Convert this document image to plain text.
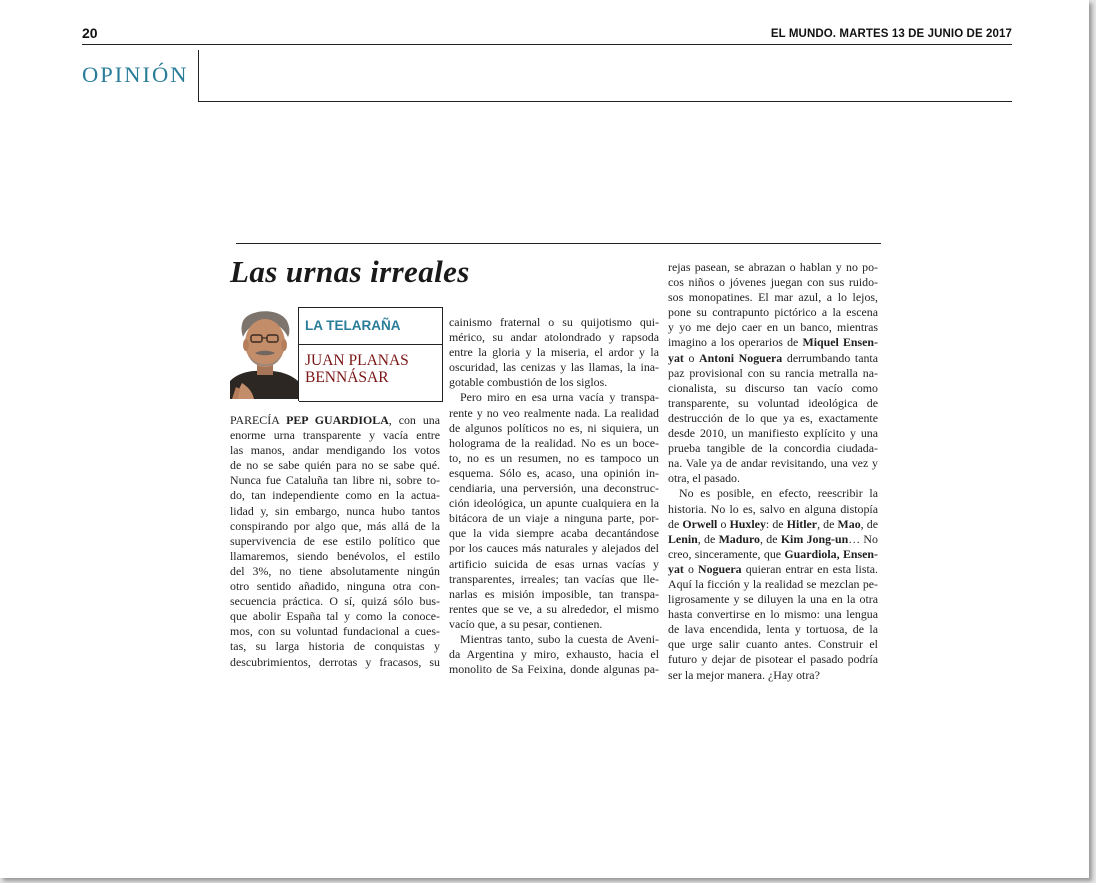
20	EL MUNDO. MARTES 13 DE JUNIO DE 2017

OPINIÓN

Las urnas irreales

LA TELARAÑA

JUAN PLANAS
BENNÁSAR

PARECÍA PEP GUARDIOLA, con una
enorme urna transparente y vacía entre
las manos, andar mendigando los votos
de no se sabe quién para no se sabe qué.
Nunca fue Cataluña tan libre ni, sobre to-
do, tan independiente como en la actua-
lidad y, sin embargo, nunca hubo tantos
conspirando por algo que, más allá de la
supervivencia de ese estilo político que
llamaremos, siendo benévolos, el estilo
del 3%, no tiene absolutamente ningún
otro sentido añadido, ninguna otra con-
secuencia práctica. O sí, quizá sólo bus-
que abolir España tal y como la conoce-
mos, con su voluntad fundacional a cues-
tas, su larga historia de conquistas y
descubrimientos, derrotas y fracasos, su
cainismo fraternal o su quijotismo qui-
mérico, su andar atolondrado y rapsoda
entre la gloria y la miseria, el ardor y la
oscuridad, las cenizas y las llamas, la ina-
gotable combustión de los siglos.
Pero miro en esa urna vacía y transpa-
rente y no veo realmente nada. La realidad
de algunos políticos no es, ni siquiera, un
holograma de la realidad. No es un boce-
to, no es un resumen, no es tampoco un
esquema. Sólo es, acaso, una opinión in-
cendiaria, una perversión, una deconstruc-
ción ideológica, un apunte cualquiera en la
bitácora de un viaje a ninguna parte, por-
que la vida siempre acaba decantándose
por los cauces más naturales y alejados del
artificio suicida de esas urnas vacías y
transparentes, irreales; tan vacías que lle-
narlas es misión imposible, tan transpa-
rentes que se ve, a su alrededor, el mismo
vacío que, a su pesar, contienen.
Mientras tanto, subo la cuesta de Aveni-
da Argentina y miro, exhausto, hacia el
monolito de Sa Feixina, donde algunas pa-
rejas pasean, se abrazan o hablan y no po-
cos niños o jóvenes juegan con sus ruido-
sos monopatines. El mar azul, a lo lejos,
pone su contrapunto pictórico a la escena
y yo me dejo caer en un banco, mientras
imagino a los operarios de Miquel Ensen-
yat o Antoni Noguera derrumbando tanta
paz provisional con su rancia metralla na-
cionalista, su discurso tan vacío como
transparente, su voluntad ideológica de
destrucción de lo que ya es, exactamente
desde 2010, un manifiesto explícito y una
prueba tangible de la concordia ciudada-
na. Vale ya de andar revisitando, una vez y
otra, el pasado.
No es posible, en efecto, reescribir la
historia. No lo es, salvo en alguna distopía
de Orwell o Huxley: de Hitler, de Mao, de
Lenin, de Maduro, de Kim Jong-un… No
creo, sinceramente, que Guardiola, Ensen-
yat o Noguera quieran entrar en esta lista.
Aquí la ficción y la realidad se mezclan pe-
ligrosamente y se diluyen la una en la otra
hasta convertirse en lo mismo: una lengua
de lava encendida, lenta y tortuosa, de la
que urge salir cuanto antes. Construir el
futuro y dejar de pisotear el pasado podría
ser la mejor manera. ¿Hay otra?
